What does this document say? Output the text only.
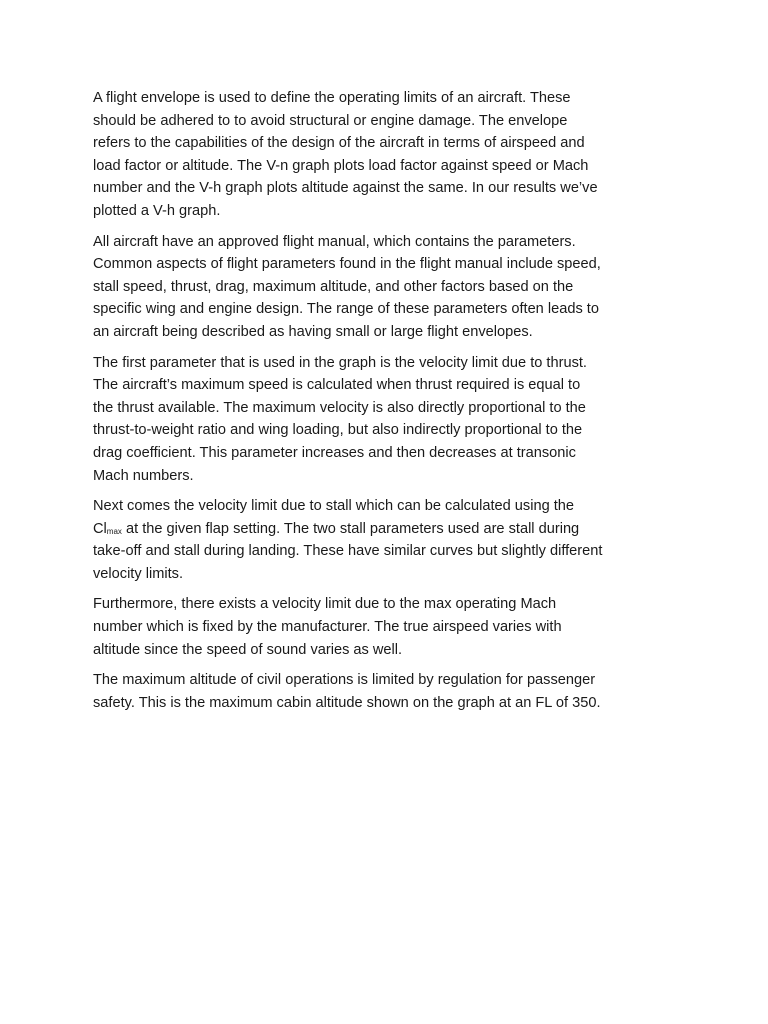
A flight envelope is used to define the operating limits of an aircraft. These
should be adhered to to avoid structural or engine damage. The envelope
refers to the capabilities of the design of the aircraft in terms of airspeed and
load factor or altitude. The V-n graph plots load factor against speed or Mach
number and the V-h graph plots altitude against the same. In our results we’ve
plotted a V-h graph.

All aircraft have an approved flight manual, which contains the parameters.
Common aspects of flight parameters found in the flight manual include speed,
stall speed, thrust, drag, maximum altitude, and other factors based on the
specific wing and engine design. The range of these parameters often leads to
an aircraft being described as having small or large flight envelopes.

The first parameter that is used in the graph is the velocity limit due to thrust.
The aircraft’s maximum speed is calculated when thrust required is equal to
the thrust available. The maximum velocity is also directly proportional to the
thrust-to-weight ratio and wing loading, but also indirectly proportional to the
drag coefficient. This parameter increases and then decreases at transonic
Mach numbers.

Next comes the velocity limit due to stall which can be calculated using the
$Cl_{max}$ at the given flap setting. The two stall parameters used are stall during
take-off and stall during landing. These have similar curves but slightly different
velocity limits.

Furthermore, there exists a velocity limit due to the max operating Mach
number which is fixed by the manufacturer. The true airspeed varies with
altitude since the speed of sound varies as well.

The maximum altitude of civil operations is limited by regulation for passenger
safety. This is the maximum cabin altitude shown on the graph at an FL of 350.
